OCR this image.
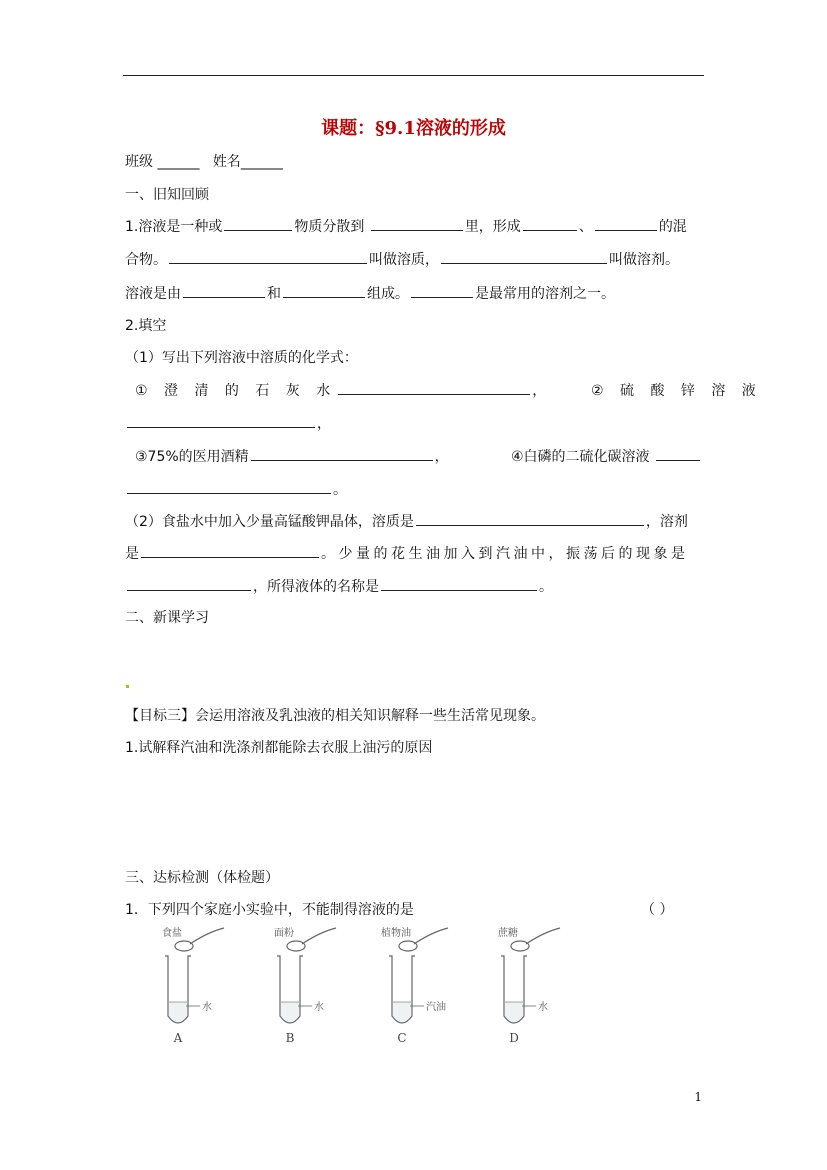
课题：§9.1溶液的形成
班级 ______ 姓名______
一、旧知回顾
1.溶液是一种或	物质分散到	里，形成	、	的混
合物。	叫做溶质，	叫做溶剂。
溶液是由	和	组成。	是最常用的溶剂之一。
2.填空
（1）写出下列溶液中溶质的化学式：
① 澄 清 的 石 灰 水	，	② 硫 酸 锌 溶 液
，
③75%的医用酒精	，	④白磷的二硫化碳溶液
。
（2）食盐水中加入少量高锰酸钾晶体，溶质是	，溶剂
是	。少量的花生油加入到汽油中，振荡后的现象是
，所得液体的名称是	。
二、新课学习
【目标三】会运用溶液及乳浊液的相关知识解释一些生活常见现象。
1.试解释汽油和洗涤剂都能除去衣服上油污的原因
三、达标检测（体检题）
1．下列四个家庭小实验中，不能制得溶液的是	（ ）
食盐
水
A
面粉
水
B
植物油
汽油
C
蔗糖
水
D
1
